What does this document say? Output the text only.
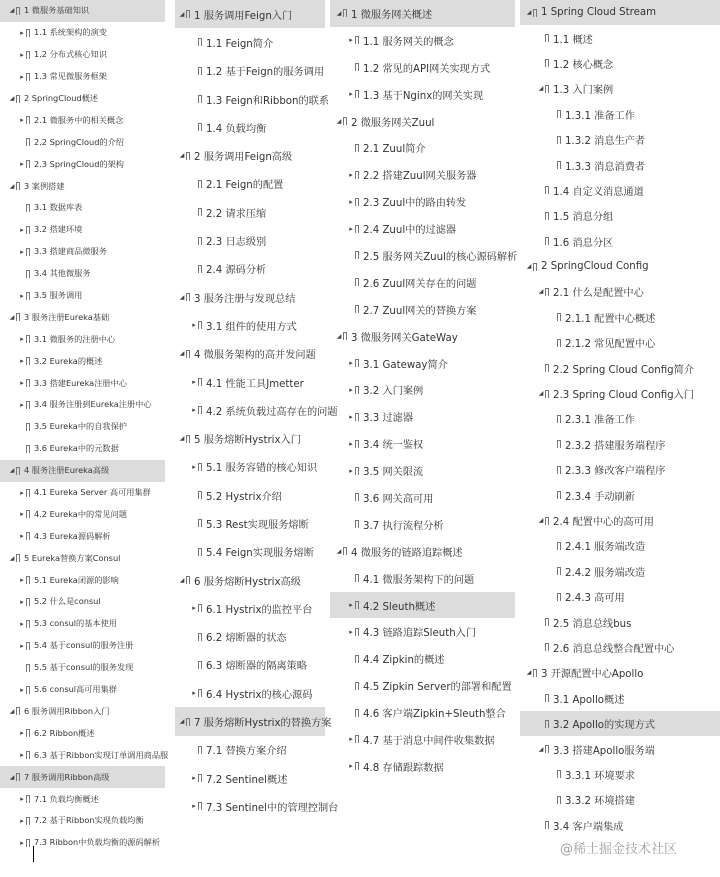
◢ 1 微服务基础知识
▸ 1.1 系统架构的演变
▸ 1.2 分布式核心知识
▸ 1.3 常见微服务框架
◢ 2 SpringCloud概述
▸ 2.1 微服务中的相关概念
2.2 SpringCloud的介绍
▸ 2.3 SpringCloud的架构
◢ 3 案例搭建
3.1 数据库表
▸ 3.2 搭建环境
▸ 3.3 搭建商品微服务
3.4 其他微服务
▸ 3.5 服务调用
◢ 3 服务注册Eureka基础
▸ 3.1 微服务的注册中心
▸ 3.2 Eureka的概述
▸ 3.3 搭建Eureka注册中心
▸ 3.4 服务注册到Eureka注册中心
3.5 Eureka中的自我保护
3.6 Eureka中的元数据
◢ 4 服务注册Eureka高级
▸ 4.1 Eureka Server 高可用集群
▸ 4.2 Eureka中的常见问题
▸ 4.3 Eureka源码解析
◢ 5 Eureka替换方案Consul
▸ 5.1 Eureka闭源的影响
▸ 5.2 什么是consul
▸ 5.3 consul的基本使用
▸ 5.4 基于consul的服务注册
5.5 基于consul的服务发现
▸ 5.6 consul高可用集群
◢ 6 服务调用Ribbon入门
▸ 6.2 Ribbon概述
▸ 6.3 基于Ribbon实现订单调用商品服
◢ 7 服务调用Ribbon高级
▸ 7.1 负载均衡概述
▸ 7.2 基于Ribbon实现负载均衡
▸ 7.3 Ribbon中负载均衡的源码解析
◢ 1 服务调用Feign入门
1.1 Feign简介
1.2 基于Feign的服务调用
1.3 Feign和Ribbon的联系
1.4 负载均衡
◢ 2 服务调用Feign高级
2.1 Feign的配置
2.2 请求压缩
2.3 日志级别
2.4 源码分析
◢ 3 服务注册与发现总结
▸ 3.1 组件的使用方式
◢ 4 微服务架构的高并发问题
▸ 4.1 性能工具Jmetter
▸ 4.2 系统负载过高存在的问题
◢ 5 服务熔断Hystrix入门
▸ 5.1 服务容错的核心知识
5.2 Hystrix介绍
5.3 Rest实现服务熔断
5.4 Feign实现服务熔断
◢ 6 服务熔断Hystrix高级
▸ 6.1 Hystrix的监控平台
6.2 熔断器的状态
6.3 熔断器的隔离策略
▸ 6.4 Hystrix的核心源码
◢ 7 服务熔断Hystrix的替换方案
7.1 替换方案介绍
▸ 7.2 Sentinel概述
▸ 7.3 Sentinel中的管理控制台
◢ 1 微服务网关概述
▸ 1.1 服务网关的概念
1.2 常见的API网关实现方式
▸ 1.3 基于Nginx的网关实现
◢ 2 微服务网关Zuul
2.1 Zuul简介
▸ 2.2 搭建Zuul网关服务器
▸ 2.3 Zuul中的路由转发
▸ 2.4 Zuul中的过滤器
2.5 服务网关Zuul的核心源码解析
2.6 Zuul网关存在的问题
2.7 Zuul网关的替换方案
◢ 3 微服务网关GateWay
▸ 3.1 Gateway简介
▸ 3.2 入门案例
▸ 3.3 过滤器
▸ 3.4 统一鉴权
▸ 3.5 网关限流
3.6 网关高可用
3.7 执行流程分析
◢ 4 微服务的链路追踪概述
4.1 微服务架构下的问题
▸ 4.2 Sleuth概述
▸ 4.3 链路追踪Sleuth入门
4.4 Zipkin的概述
4.5 Zipkin Server的部署和配置
4.6 客户端Zipkin+Sleuth整合
▸ 4.7 基于消息中间件收集数据
▸ 4.8 存储跟踪数据
◢ 1 Spring Cloud Stream
1.1 概述
1.2 核心概念
◢ 1.3 入门案例
1.3.1 准备工作
1.3.2 消息生产者
1.3.3 消息消费者
1.4 自定义消息通道
1.5 消息分组
1.6 消息分区
◢ 2 SpringCloud Config
◢ 2.1 什么是配置中心
2.1.1 配置中心概述
2.1.2 常见配置中心
2.2 Spring Cloud Config简介
◢ 2.3 Spring Cloud Config入门
2.3.1 准备工作
2.3.2 搭建服务端程序
2.3.3 修改客户端程序
2.3.4 手动刷新
◢ 2.4 配置中心的高可用
2.4.1 服务端改造
2.4.2 服务端改造
2.4.3 高可用
2.5 消息总线bus
2.6 消息总线整合配置中心
◢ 3 开源配置中心Apollo
3.1 Apollo概述
3.2 Apollo的实现方式
◢ 3.3 搭建Apollo服务端
3.3.1 环境要求
3.3.2 环境搭建
3.4 客户端集成
@稀土掘金技术社区
